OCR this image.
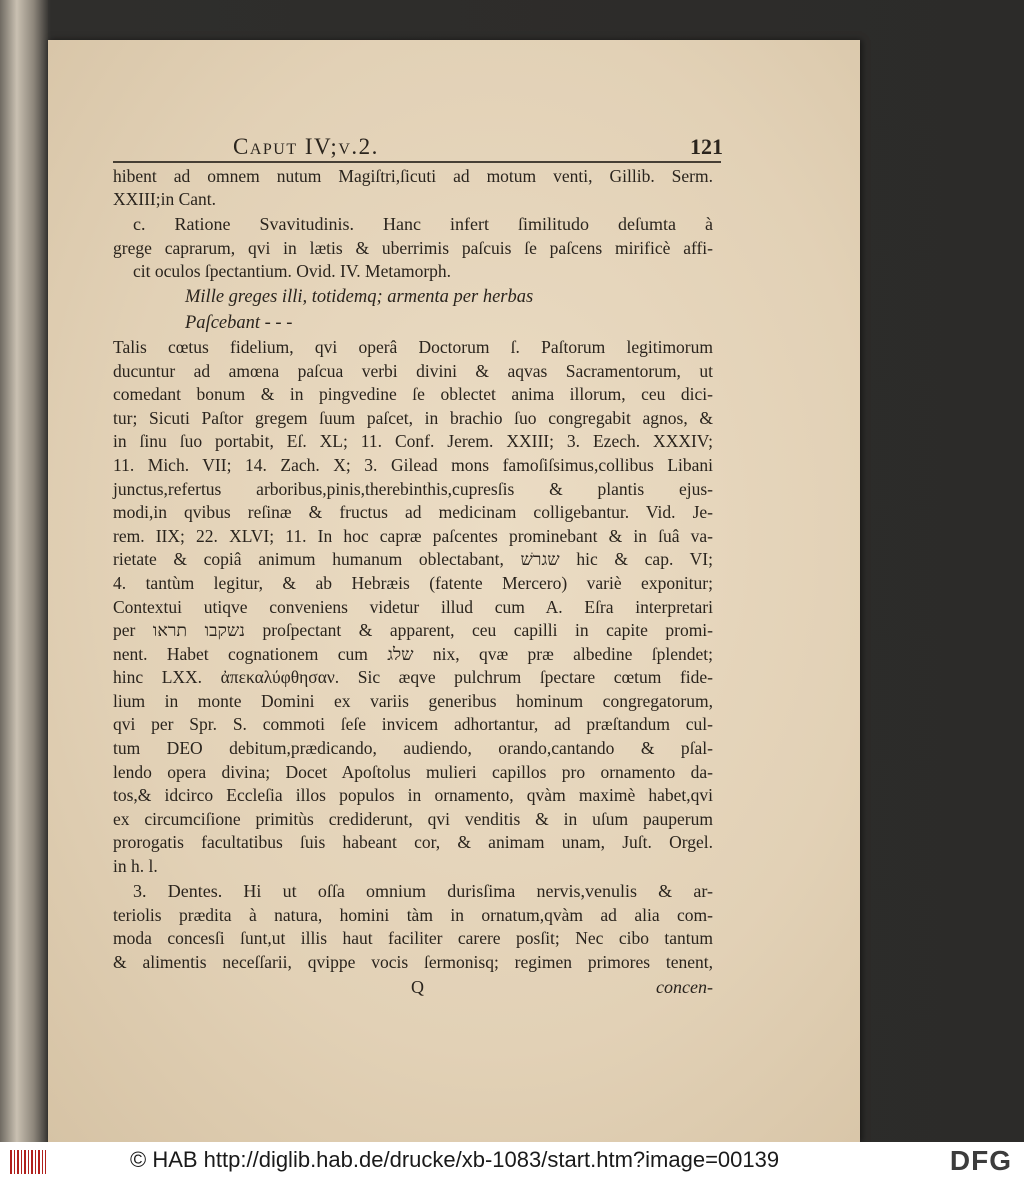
Caput IV;v.2.	121
hibent ad omnem nutum Magiſtri,ſicuti ad motum venti, Gillib. Serm.
XXIII;in Cant.
c. Ratione Svavitudinis. Hanc infert ſimilitudo deſumta à
grege caprarum, qvi in lætis & uberrimis paſcuis ſe paſcens mirificè affi-
cit oculos ſpectantium. Ovid. IV. Metamorph.
Mille greges illi, totidemq; armenta per herbas
Paſcebant - - -
Talis cœtus fidelium, qvi operâ Doctorum ſ. Paſtorum legitimorum
ducuntur ad amœna paſcua verbi divini & aqvas Sacramentorum, ut
comedant bonum & in pingvedine ſe oblectet anima illorum, ceu dici-
tur; Sicuti Paſtor gregem ſuum paſcet, in brachio ſuo congregabit agnos, &
in ſinu ſuo portabit, Eſ. XL; 11. Conf. Jerem. XXIII; 3. Ezech. XXXIV;
11. Mich. VII; 14. Zach. X; 3. Gilead mons famoſiſsimus,collibus Libani
junctus,refertus arboribus,pinis,therebinthis,cupresſis & plantis ejus-
modi,in qvibus reſinæ & fructus ad medicinam colligebantur. Vid. Je-
rem. IIX; 22. XLVI; 11. In hoc capræ paſcentes prominebant & in ſuâ va-
rietate & copiâ animum humanum oblectabant, שגרשׁ hic & cap. VI;
4. tantùm legitur, & ab Hebræis (fatente Mercero) variè exponitur;
Contextui utiqve conveniens videtur illud cum A. Eſra interpretari
per נשקבו תראו proſpectant & apparent, ceu capilli in capite promi-
nent. Habet cognationem cum שלג nix, qvæ præ albedine ſplendet;
hinc LXX. ἀπεκαλύφθησαν. Sic æqve pulchrum ſpectare cœtum fide-
lium in monte Domini ex variis generibus hominum congregatorum,
qvi per Spr. S. commoti ſeſe invicem adhortantur, ad præſtandum cul-
tum DEO debitum,prædicando, audiendo, orando,cantando & pſal-
lendo opera divina; Docet Apoſtolus mulieri capillos pro ornamento da-
tos,& idcirco Eccleſia illos populos in ornamento, qvàm maximè habet,qvi
ex circumciſione primitùs crediderunt, qvi venditis & in uſum pauperum
prorogatis facultatibus ſuis habeant cor, & animam unam, Juſt. Orgel.
in h. l.
3. Dentes. Hi ut oſſa omnium durisſima nervis,venulis & ar-
teriolis prædita à natura, homini tàm in ornatum,qvàm ad alia com-
moda concesſi ſunt,ut illis haut faciliter carere posſit; Nec cibo tantum
& alimentis neceſſarii, qvippe vocis ſermonisq; regimen primores tenent,
Q	concen-
© HAB http://diglib.hab.de/drucke/xb-1083/start.htm?image=00139	DFG
